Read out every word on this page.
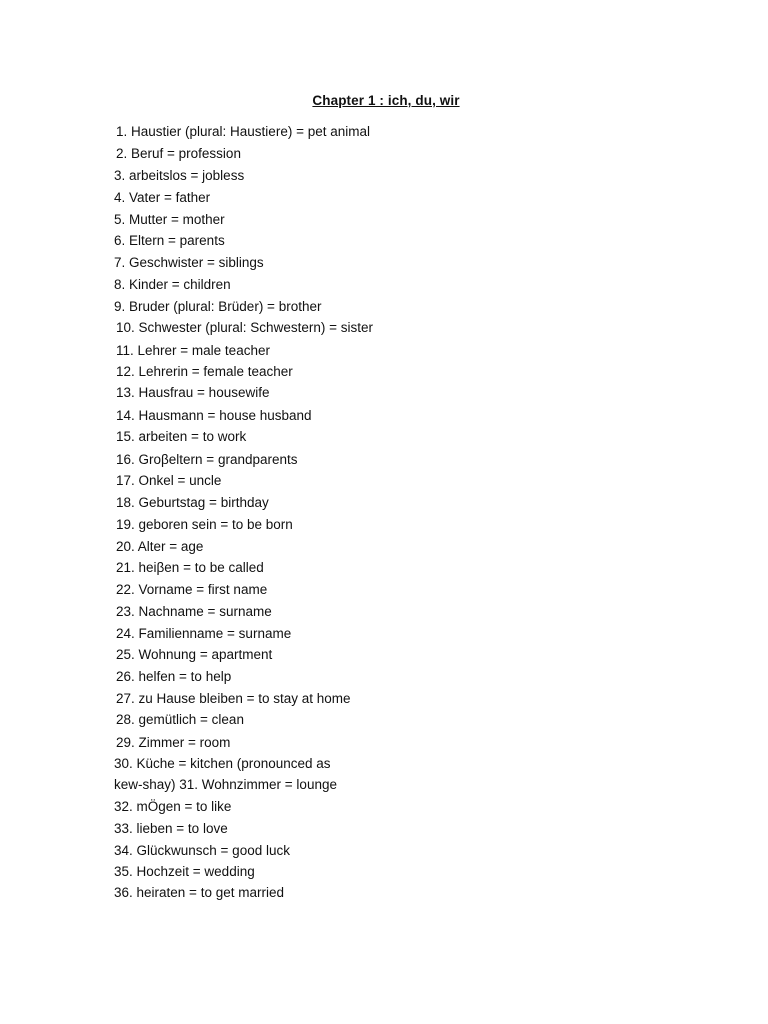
Chapter 1 : ich, du, wir
1. Haustier (plural: Haustiere) = pet animal
2. Beruf = profession
3. arbeitslos = jobless
4. Vater = father
5. Mutter = mother
6. Eltern = parents
7. Geschwister = siblings
8. Kinder = children
9. Bruder (plural: Brüder) = brother
10. Schwester (plural: Schwestern) = sister
11. Lehrer = male teacher
12. Lehrerin = female teacher
13. Hausfrau = housewife
14. Hausmann = house husband
15. arbeiten = to work
16. Groβeltern = grandparents
17. Onkel = uncle
18. Geburtstag = birthday
19. geboren sein = to be born
20. Alter = age
21. heiβen = to be called
22. Vorname = first name
23. Nachname = surname
24. Familienname = surname
25. Wohnung = apartment
26. helfen = to help
27. zu Hause bleiben = to stay at home
28. gemütlich = clean
29. Zimmer = room
30. Küche = kitchen (pronounced as
kew-shay) 31. Wohnzimmer = lounge
32. mÖgen = to like
33. lieben = to love
34. Glückwunsch = good luck
35. Hochzeit = wedding
36. heiraten = to get married
